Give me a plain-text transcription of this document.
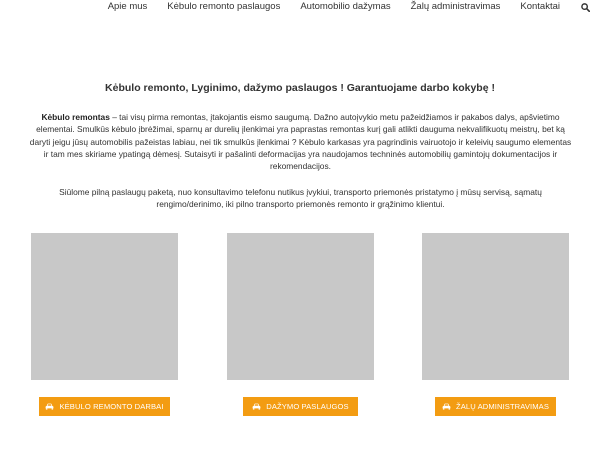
Apie mus	Kėbulo remonto paslaugos	Automobilio dažymas	Žalų administravimas	Kontaktai
Kėbulo remonto, Lyginimo, dažymo paslaugos ! Garantuojame darbo kokybę !

Kėbulo remontas – tai visų pirma remontas, įtakojantis eismo saugumą. Dažno autoįvykio metu pažeidžiamos ir pakabos dalys, apšvietimo elementai. Smulkūs kėbulo įbrėžimai, sparnų ar durelių įlenkimai yra paprastas remontas kurį gali atlikti dauguma nekvalifikuotų meistrų, bet ką daryti jeigu jūsų automobilis pažeistas labiau, nei tik smulkūs įlenkimai ? Kėbulo karkasas yra pagrindinis vairuotojo ir keleivių saugumo elementas ir tam mes skiriame ypatingą dėmesį. Sutaisyti ir pašalinti deformacijas yra naudojamos techninės automobilių gamintojų dokumentacijos ir rekomendacijos.

Siūlome pilną paslaugų paketą, nuo konsultavimo telefonu nutikus įvykiui, transporto priemonės pristatymo į mūsų servisą, sąmatų rengimo/derinimo, iki pilno transporto priemonės remonto ir grąžinimo klientui.

KĖBULO REMONTO DARBAI	DAŽYMO PASLAUGOS	ŽALŲ ADMINISTRAVIMAS
